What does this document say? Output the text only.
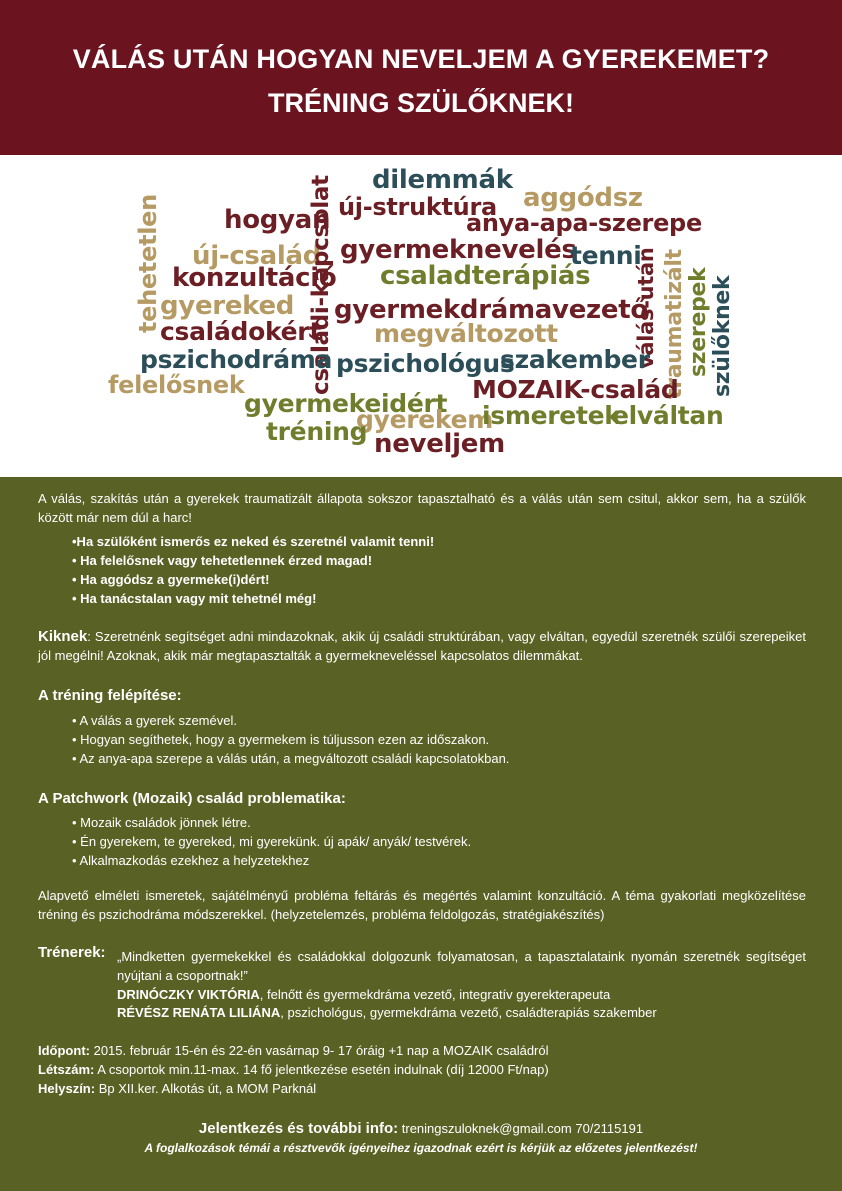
VÁLÁS UTÁN HOGYAN NEVELJEM A GYEREKEMET?
TRÉNING SZÜLŐKNEK!
dilemmák
aggódsz
hogyan új-struktúra
anya-apa-szerepe
tehetetlen új-család gyermeknevelés
tenni
konzultáció csaladterápiás
családi-kapcsolat
gyereked gyermekdrámavezető traumatizált szerepek szülőknek
családokért megváltozott	válás-után
pszichodráma pszichológus
szakember
felelősnek	MOZAIK-család
gyermekeidért
gyerekem
ismeretek
elváltan
tréning neveljem
A válás, szakítás után a gyerekek traumatizált állapota sokszor tapasztalható és a válás után sem csitul, akkor sem, ha a szülők között már nem dúl a harc!
•Ha szülőként ismerős ez neked és szeretnél valamit tenni!
• Ha felelősnek vagy tehetetlennek érzed magad!
• Ha aggódsz a gyermeke(i)dért!
• Ha tanácstalan vagy mit tehetnél még!
Kiknek: Szeretnénk segítséget adni mindazoknak, akik új családi struktúrában, vagy elváltan, egyedül szeretnék szülői szerepeiket jól megélni! Azoknak, akik már megtapasztalták a gyermekneveléssel kapcsolatos dilemmákat.
A tréning felépítése:
• A válás a gyerek szemével.
• Hogyan segíthetek, hogy a gyermekem is túljusson ezen az időszakon.
• Az anya-apa szerepe a válás után, a megváltozott családi kapcsolatokban.
A Patchwork (Mozaik) család problematika:
• Mozaik családok jönnek létre.
• Én gyerekem, te gyereked, mi gyerekünk. új apák/ anyák/ testvérek.
• Alkalmazkodás ezekhez a helyzetekhez
Alapvető elméleti ismeretek, sajátélményű probléma feltárás és megértés valamint konzultáció. A téma gyakorlati megközelítése tréning és pszichodráma módszerekkel. (helyzetelemzés, probléma feldolgozás, stratégiakészítés)
Trénerek: „Mindketten gyermekekkel és családokkal dolgozunk folyamatosan, a tapasztalataink nyomán szeretnék segítséget nyújtani a csoportnak!”
DRINÓCZKY VIKTÓRIA, felnőtt és gyermekdráma vezető, integratív gyerekterapeuta
RÉVÉSZ RENÁTA LILIÁNA, pszichológus, gyermekdráma vezető, családterapiás szakember
Időpont: 2015. február 15-én és 22-én vasárnap 9- 17 óráig +1 nap a MOZAIK családról
Létszám: A csoportok min.11-max. 14 fő jelentkezése esetén indulnak (díj 12000 Ft/nap)
Helyszín: Bp XII.ker. Alkotás út, a MOM Parknál
Jelentkezés és további info: treningszuloknek@gmail.com 70/2115191
A foglalkozások témái a résztvevők igényeihez igazodnak ezért is kérjük az előzetes jelentkezést!
